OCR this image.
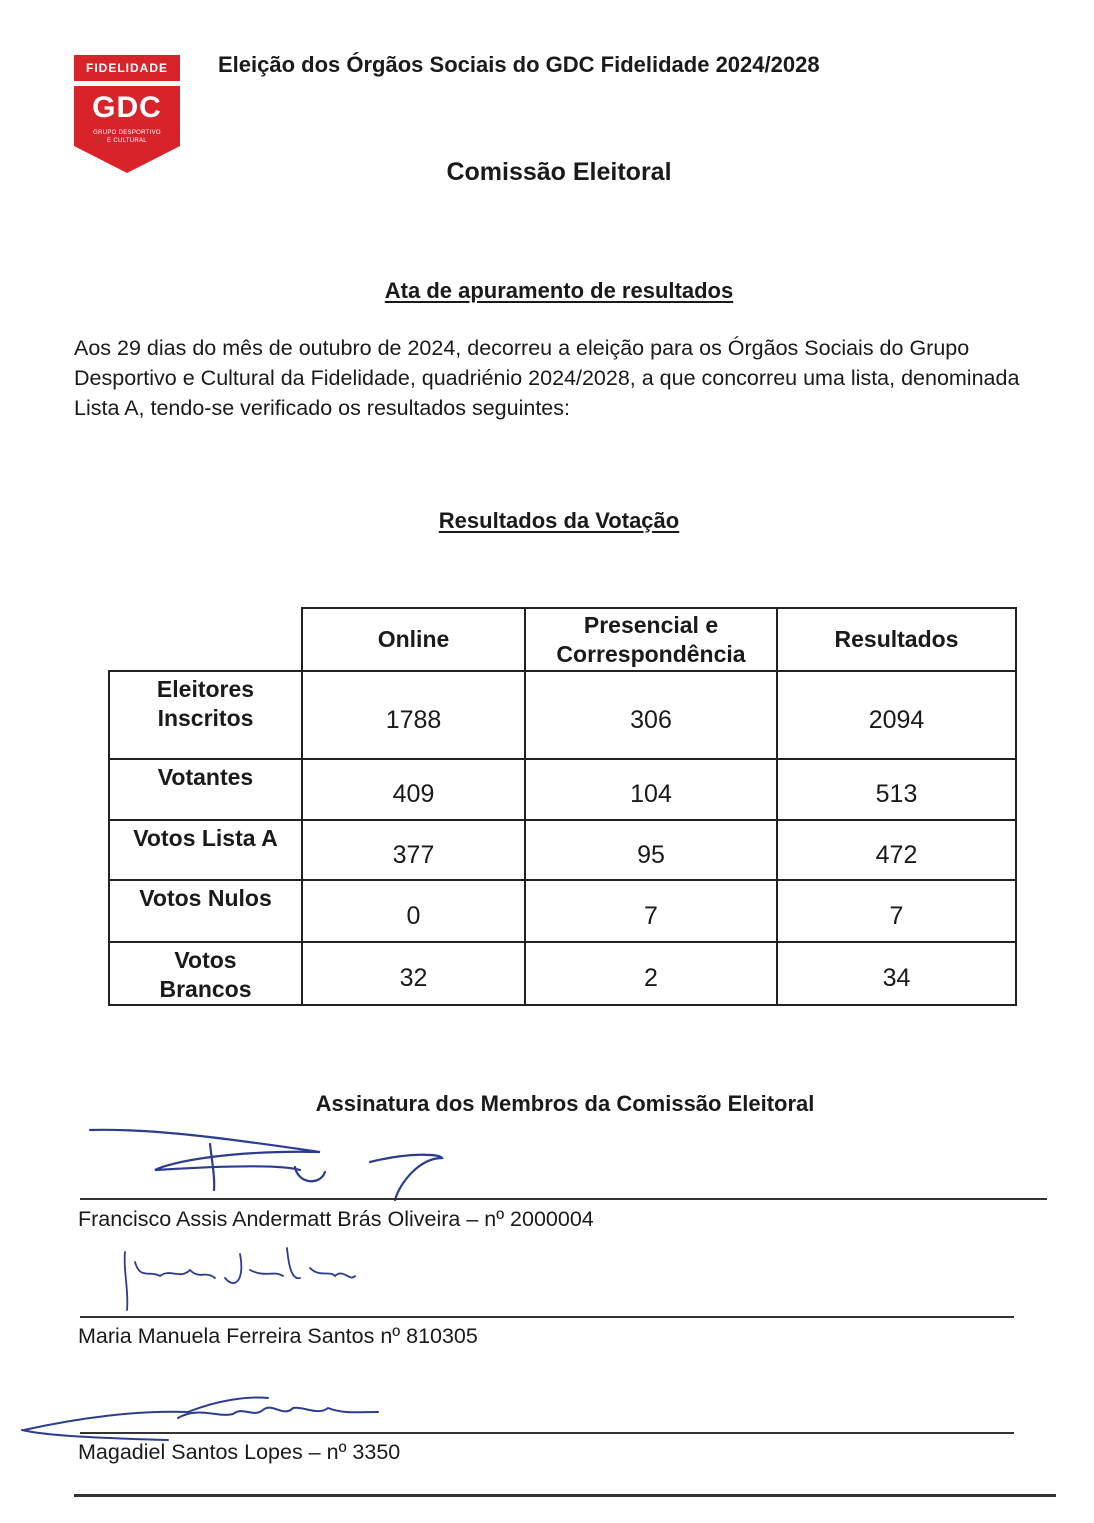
FIDELIDADE
GDC
GRUPO DESPORTIVO
E CULTURAL
Eleição dos Órgãos Sociais do GDC Fidelidade 2024/2028
Comissão Eleitoral
Ata de apuramento de resultados
Aos 29 dias do mês de outubro de 2024, decorreu a eleição para os Órgãos Sociais do Grupo Desportivo e Cultural da Fidelidade, quadriénio 2024/2028, a que concorreu uma lista, denominada Lista A, tendo-se verificado os resultados seguintes:
Resultados da Votação
	Online	Presencial e Correspondência	Resultados
Eleitores Inscritos	1788	306	2094
Votantes	409	104	513
Votos Lista A	377	95	472
Votos Nulos	0	7	7
Votos Brancos	32	2	34
Assinatura dos Membros da Comissão Eleitoral
Francisco Assis Andermatt Brás Oliveira – nº 2000004
Maria Manuela Ferreira Santos nº 810305
Magadiel Santos Lopes – nº 3350
